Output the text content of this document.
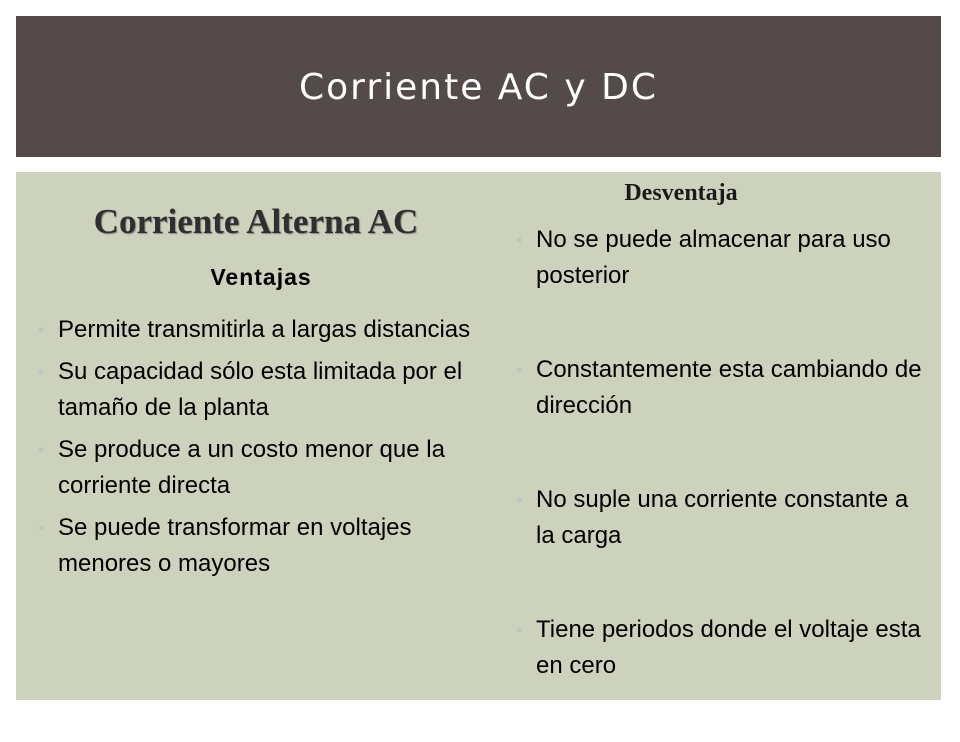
Corriente AC y DC
Corriente Alterna AC
Ventajas
Desventaja
• Permite transmitirla a largas distancias
• Su capacidad sólo esta limitada por el tamaño de la planta
• Se produce a un costo menor que la corriente directa
• Se puede transformar en voltajes menores o mayores
• No se puede almacenar para uso posterior
• Constantemente esta cambiando de dirección
• No suple una corriente constante a la carga
• Tiene periodos donde el voltaje esta en cero
